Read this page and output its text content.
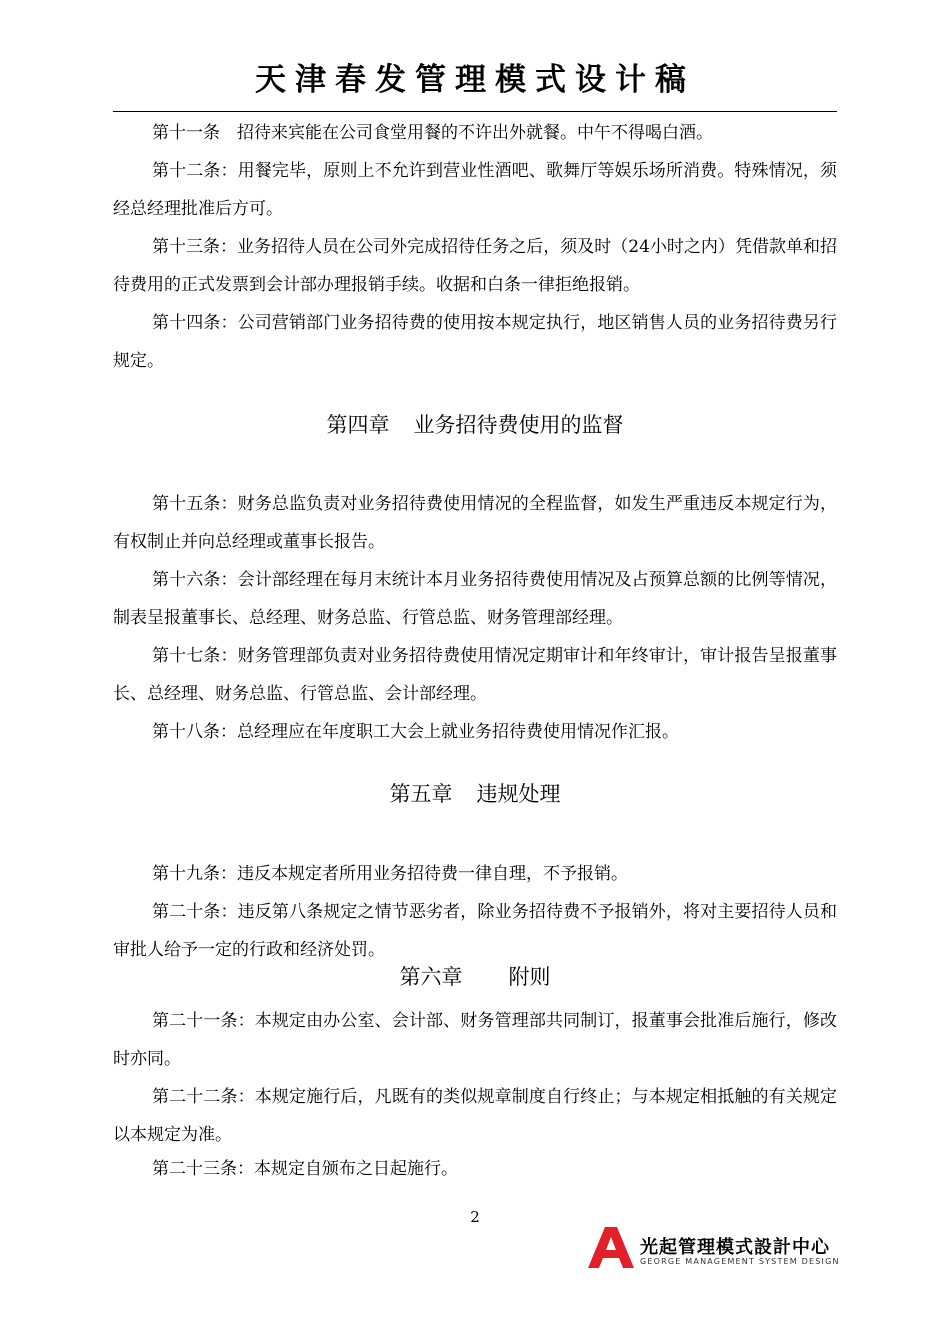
天津春发管理模式设计稿

第十一条　招待来宾能在公司食堂用餐的不许出外就餐。中午不得喝白酒。

第十二条：用餐完毕，原则上不允许到营业性酒吧、歌舞厅等娱乐场所消费。特殊情况，须经总经理批准后方可。

第十三条：业务招待人员在公司外完成招待任务之后，须及时（24小时之内）凭借款单和招待费用的正式发票到会计部办理报销手续。收据和白条一律拒绝报销。

第十四条：公司营销部门业务招待费的使用按本规定执行，地区销售人员的业务招待费另行规定。

第四章 业务招待费使用的监督

第十五条：财务总监负责对业务招待费使用情况的全程监督，如发生严重违反本规定行为，有权制止并向总经理或董事长报告。

第十六条：会计部经理在每月末统计本月业务招待费使用情况及占预算总额的比例等情况，制表呈报董事长、总经理、财务总监、行管总监、财务管理部经理。

第十七条：财务管理部负责对业务招待费使用情况定期审计和年终审计，审计报告呈报董事长、总经理、财务总监、行管总监、会计部经理。

第十八条：总经理应在年度职工大会上就业务招待费使用情况作汇报。

第五章 违规处理

第十九条：违反本规定者所用业务招待费一律自理，不予报销。

第二十条：违反第八条规定之情节恶劣者，除业务招待费不予报销外，将对主要招待人员和审批人给予一定的行政和经济处罚。

第六章 附则

第二十一条：本规定由办公室、会计部、财务管理部共同制订，报董事会批准后施行，修改时亦同。

第二十二条：本规定施行后，凡既有的类似规章制度自行终止；与本规定相抵触的有关规定以本规定为准。

第二十三条：本规定自颁布之日起施行。

2
光起管理模式設計中心
GEORGE MANAGEMENT SYSTEM DESIGN
